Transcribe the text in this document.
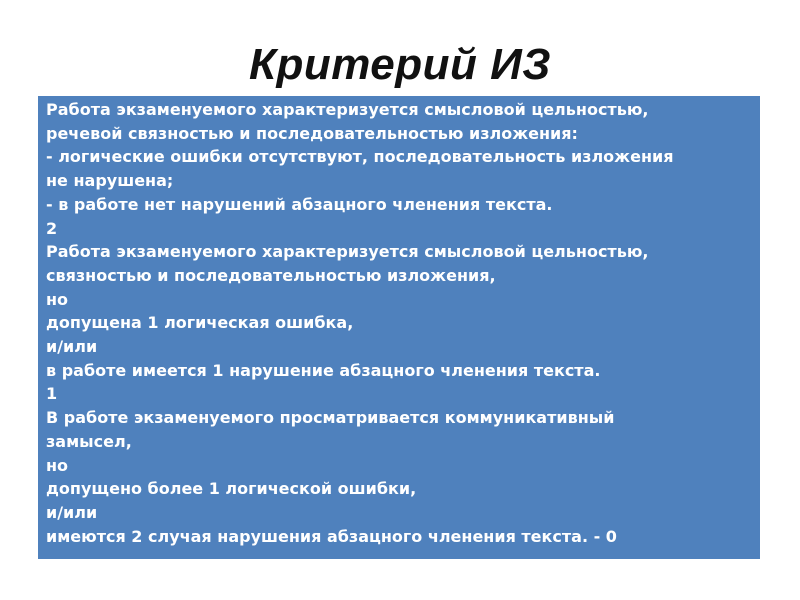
Критерий ИЗ
Работа экзаменуемого характеризуется смысловой цельностью,
речевой связностью и последовательностью изложения:
- логические ошибки отсутствуют, последовательность изложения
не нарушена;
- в работе нет нарушений абзацного членения текста.
2
Работа экзаменуемого характеризуется смысловой цельностью,
связностью и последовательностью изложения,
но
допущена 1 логическая ошибка,
и/или
в работе имеется 1 нарушение абзацного членения текста.
1
В работе экзаменуемого просматривается коммуникативный
замысел,
но
допущено более 1 логической ошибки,
и/или
имеются 2 случая нарушения абзацного членения текста. - 0
